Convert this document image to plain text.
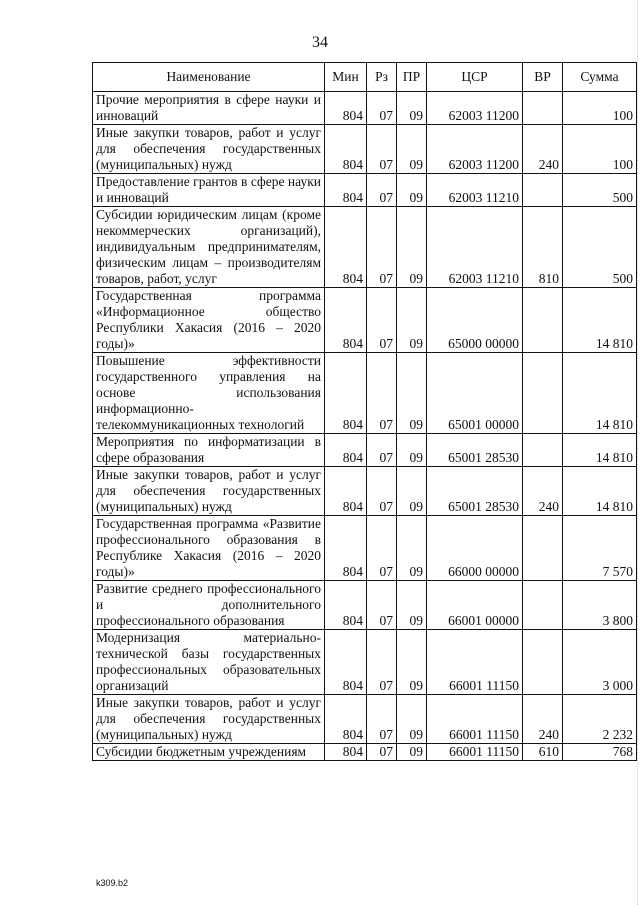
34
Наименование	Мин	Рз	ПР	ЦСР	ВР	Сумма
Прочие мероприятия в сфере науки и инноваций	804	07	09	62003 11200		100
Иные закупки товаров, работ и услуг для обеспечения государственных (муниципальных) нужд	804	07	09	62003 11200	240	100
Предоставление грантов в сфере науки и инноваций	804	07	09	62003 11210		500
Субсидии юридическим лицам (кроме некоммерческих организаций), индивидуальным предпринимателям, физическим лицам – производителям товаров, работ, услуг	804	07	09	62003 11210	810	500
Государственная программа «Информационное общество Республики Хакасия (2016 – 2020 годы)»	804	07	09	65000 00000		14 810
Повышение эффективности государственного управления на основе использования информационно-телекоммуникационных технологий	804	07	09	65001 00000		14 810
Мероприятия по информатизации в сфере образования	804	07	09	65001 28530		14 810
Иные закупки товаров, работ и услуг для обеспечения государственных (муниципальных) нужд	804	07	09	65001 28530	240	14 810
Государственная программа «Развитие профессионального образования в Республике Хакасия (2016 – 2020 годы)»	804	07	09	66000 00000		7 570
Развитие среднего профессионального и дополнительного профессионального образования	804	07	09	66001 00000		3 800
Модернизация материально-технической базы государственных профессиональных образовательных организаций	804	07	09	66001 11150		3 000
Иные закупки товаров, работ и услуг для обеспечения государственных (муниципальных) нужд	804	07	09	66001 11150	240	2 232
Субсидии бюджетным учреждениям	804	07	09	66001 11150	610	768
k309.b2
